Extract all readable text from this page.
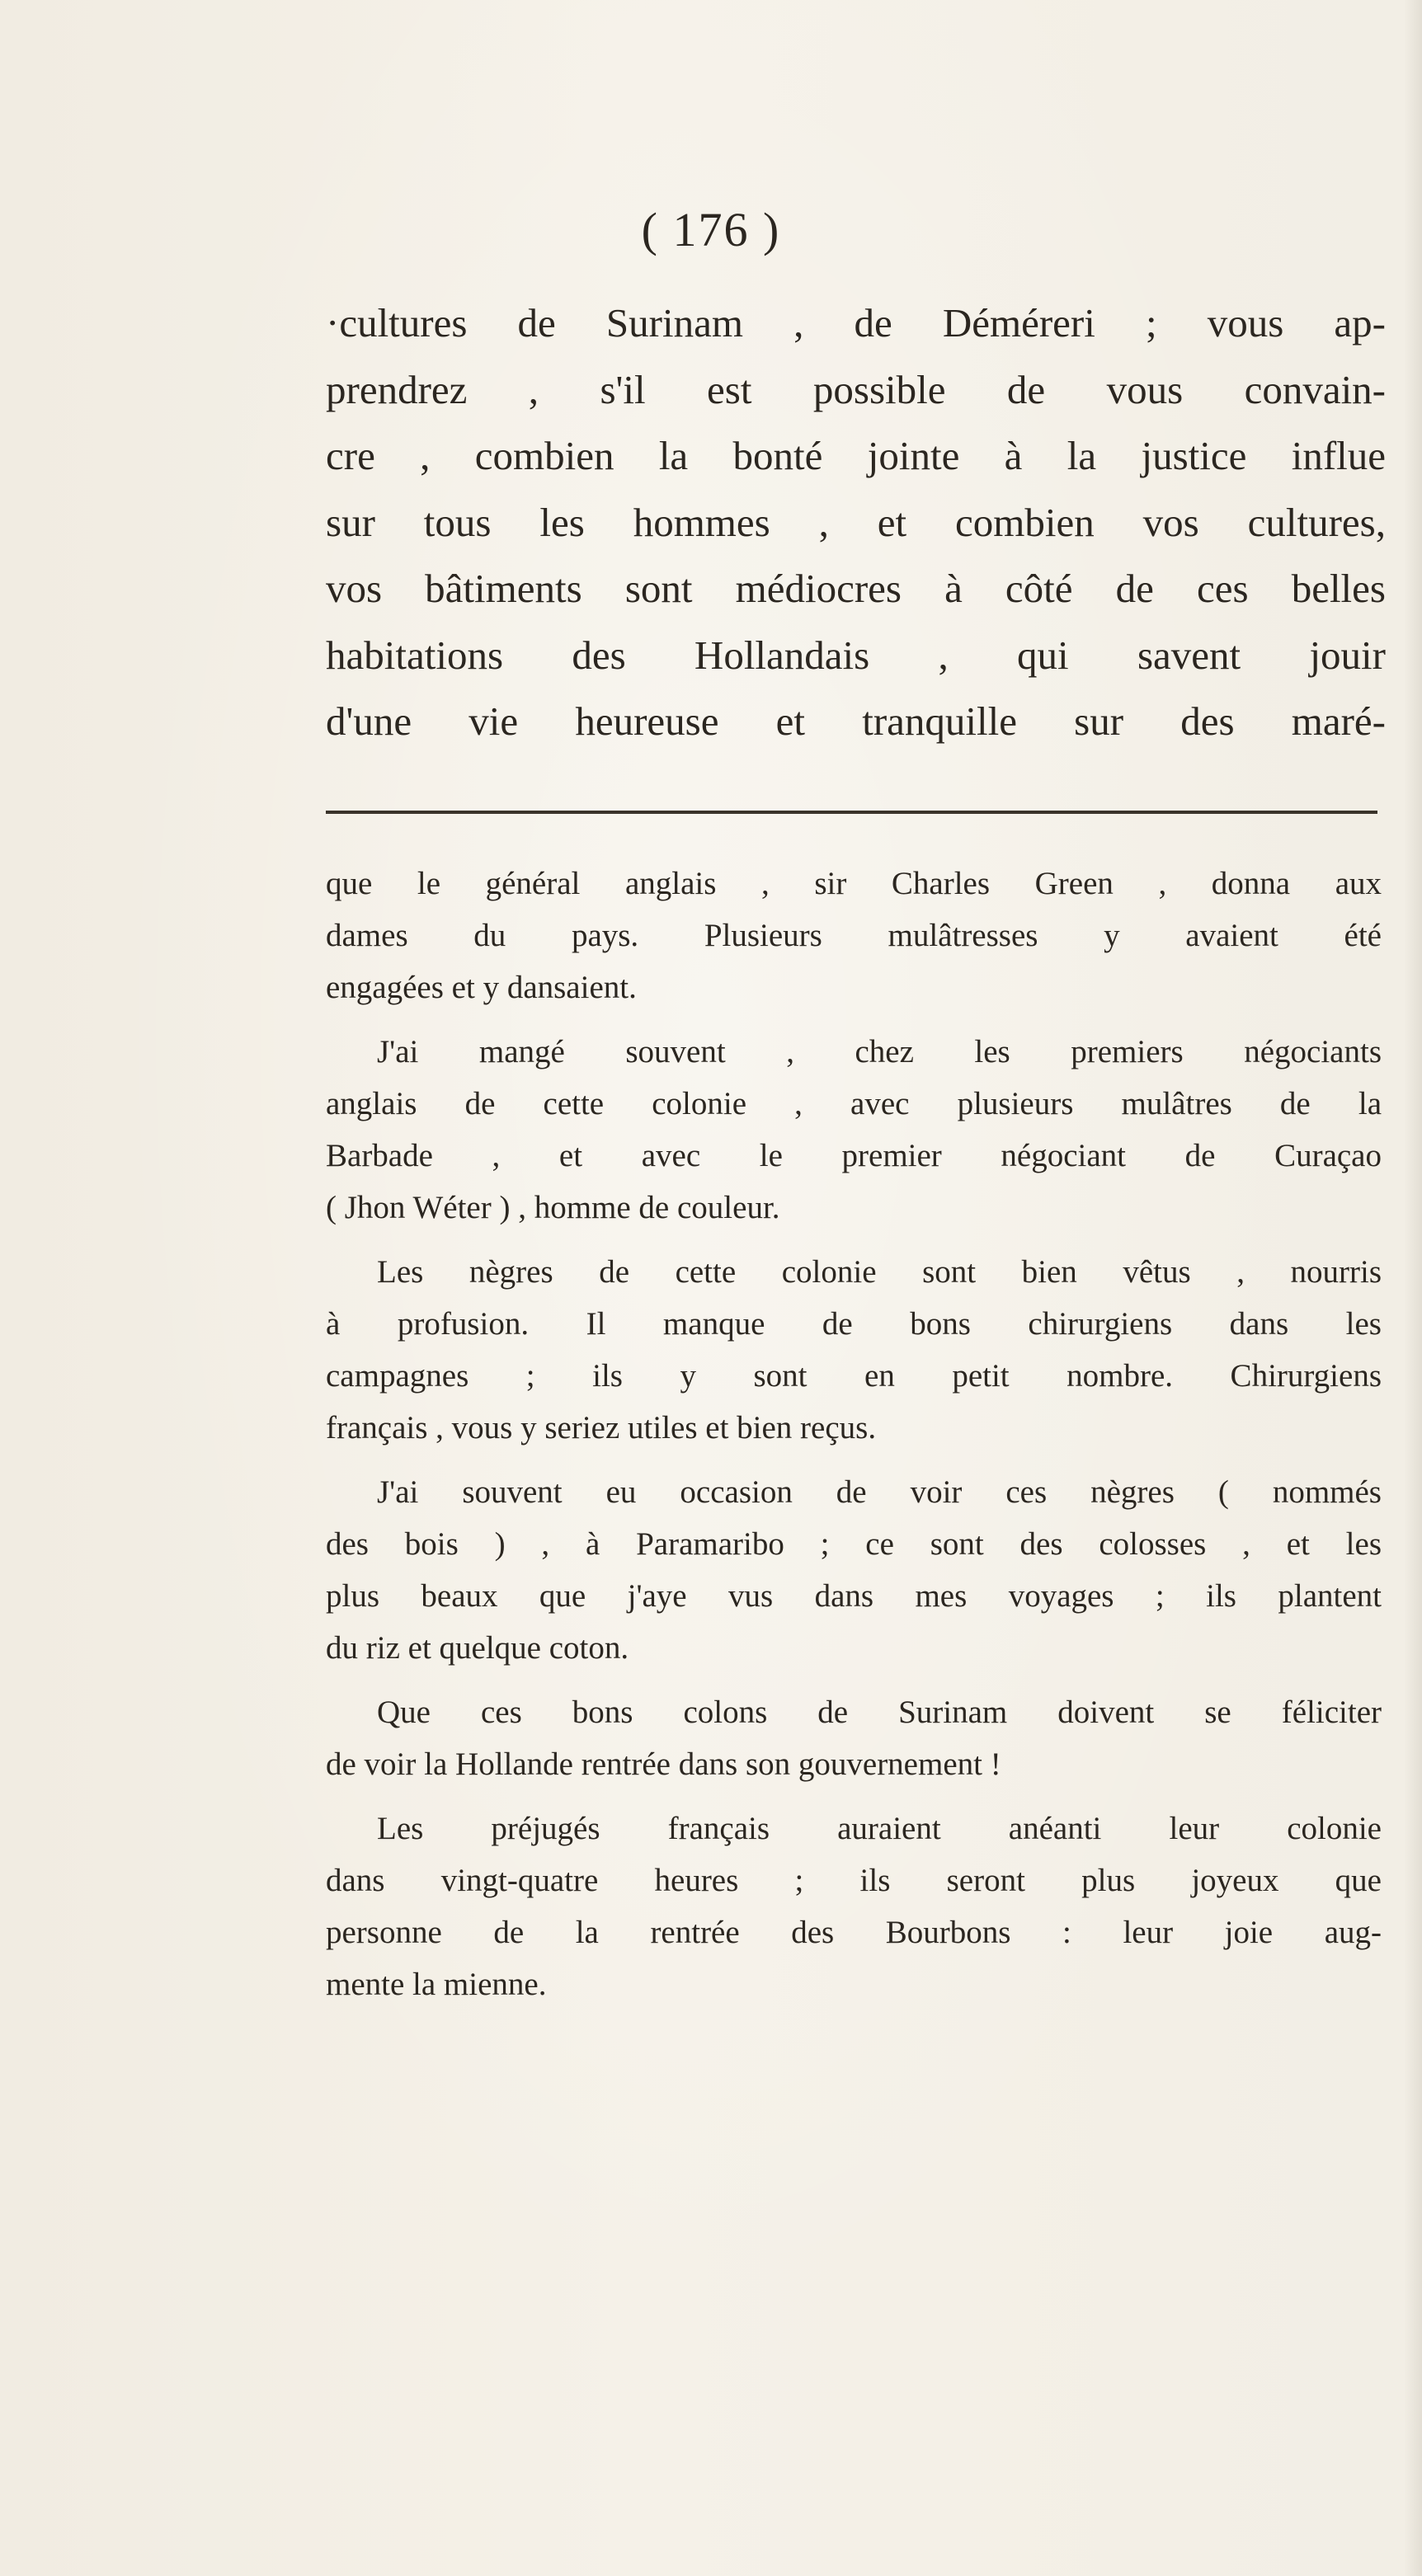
( 176 )
·cultures de Surinam , de Déméreri ; vous ap-
prendrez , s'il est possible de vous convain-
cre , combien la bonté jointe à la justice influe
sur tous les hommes , et combien vos cultures,
vos bâtiments sont médiocres à côté de ces belles
habitations des Hollandais , qui savent jouir
d'une vie heureuse et tranquille sur des maré-
que le général anglais , sir Charles Green , donna aux
dames du pays. Plusieurs mulâtresses y avaient été
engagées et y dansaient.
J'ai mangé souvent , chez les premiers négociants
anglais de cette colonie , avec plusieurs mulâtres de la
Barbade , et avec le premier négociant de Curaçao
( Jhon Wéter ) , homme de couleur.
Les nègres de cette colonie sont bien vêtus , nourris
à profusion. Il manque de bons chirurgiens dans les
campagnes ; ils y sont en petit nombre. Chirurgiens
français , vous y seriez utiles et bien reçus.
J'ai souvent eu occasion de voir ces nègres ( nommés
des bois ) , à Paramaribo ; ce sont des colosses , et les
plus beaux que j'aye vus dans mes voyages ; ils plantent
du riz et quelque coton.
Que ces bons colons de Surinam doivent se féliciter
de voir la Hollande rentrée dans son gouvernement !
Les préjugés français auraient anéanti leur colonie
dans vingt-quatre heures ; ils seront plus joyeux que
personne de la rentrée des Bourbons : leur joie aug-
mente la mienne.
